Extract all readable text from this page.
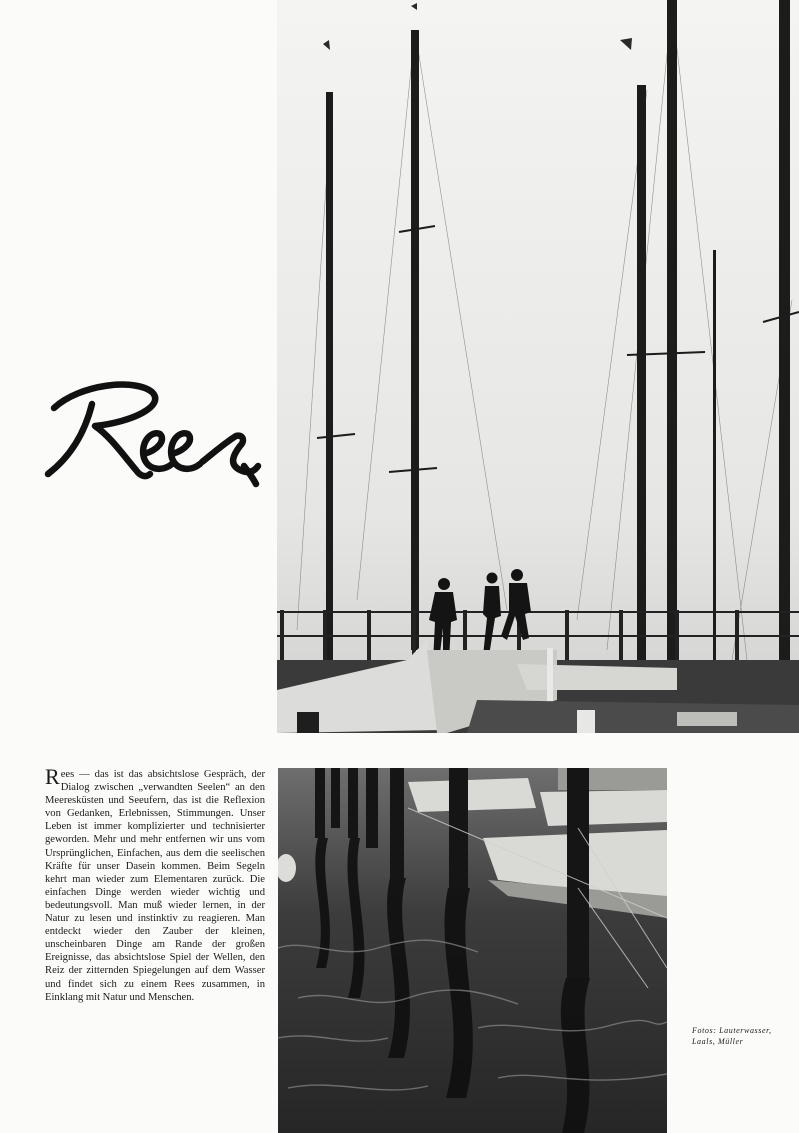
Rees — das ist das absichtslose Gespräch, der Dialog zwischen „verwandten Seelen“ an den Meeresküsten und Seeufern, das ist die Reflexion von Gedanken, Erlebnissen, Stimmungen. Unser Leben ist immer komplizierter und technisierter geworden. Mehr und mehr entfernen wir uns vom Ursprünglichen, Einfachen, aus dem die seelischen Kräfte für unser Dasein kommen. Beim Segeln kehrt man wieder zum Elementaren zurück. Die einfachen Dinge werden wieder wichtig und bedeutungsvoll. Man muß wieder lernen, in der Natur zu lesen und instinktiv zu reagieren. Man entdeckt wieder den Zauber der kleinen, unscheinbaren Dinge am Rande der großen Ereignisse, das absichtslose Spiel der Wellen, den Reiz der zitternden Spiegelungen auf dem Wasser und findet sich zu einem Rees zusammen, in Einklang mit Natur und Menschen.

Fotos: Lauterwasser,
Laals, Müller
